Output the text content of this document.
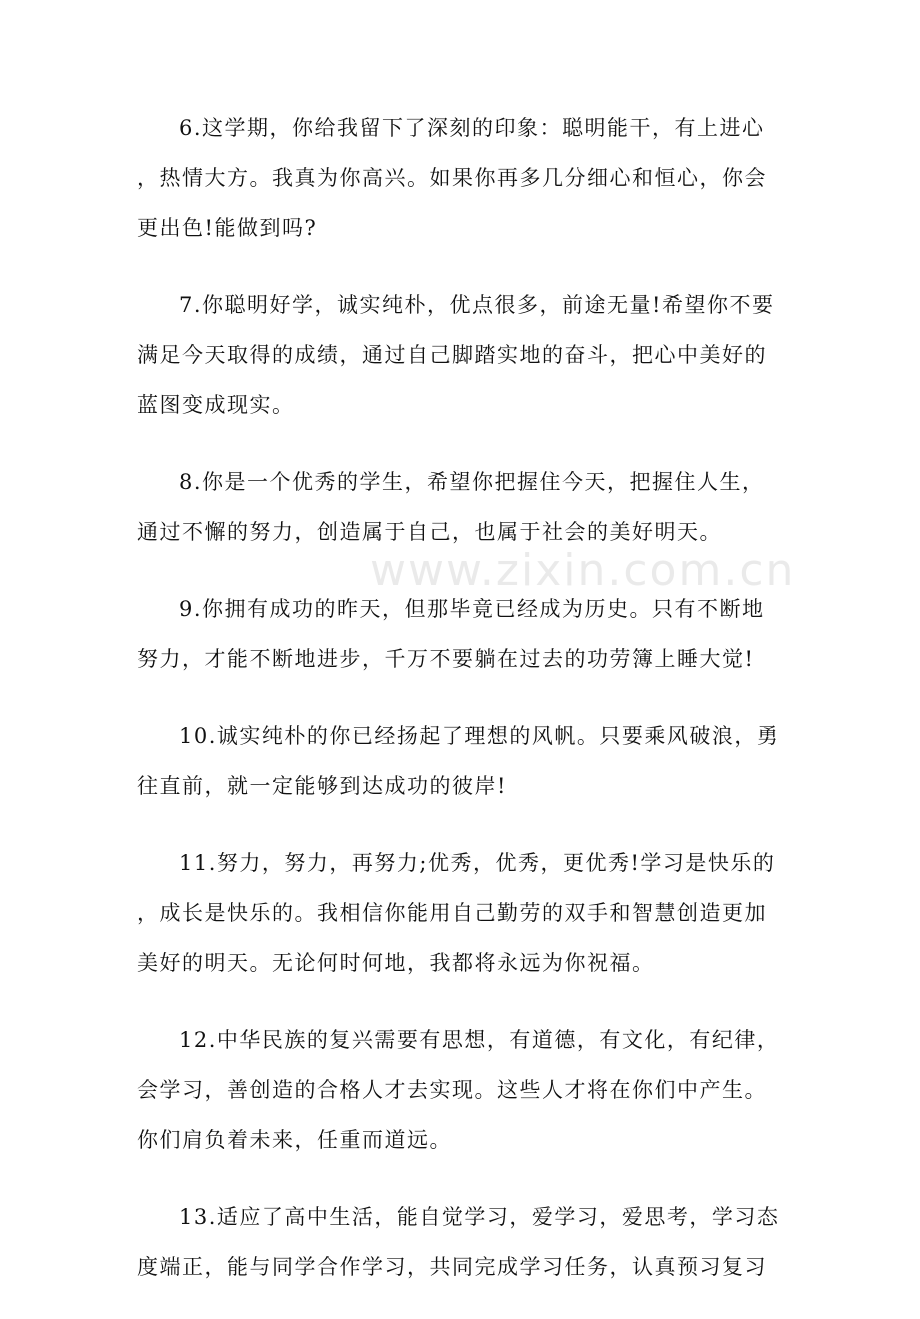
www.zixin.com.cn

6.这学期，你给我留下了深刻的印象：聪明能干，有上进心
，热情大方。我真为你高兴。如果你再多几分细心和恒心，你会
更出色!能做到吗?

7.你聪明好学，诚实纯朴，优点很多，前途无量!希望你不要
满足今天取得的成绩，通过自己脚踏实地的奋斗，把心中美好的
蓝图变成现实。

8.你是一个优秀的学生，希望你把握住今天，把握住人生，
通过不懈的努力，创造属于自己，也属于社会的美好明天。

9.你拥有成功的昨天，但那毕竟已经成为历史。只有不断地
努力，才能不断地进步，千万不要躺在过去的功劳簿上睡大觉!

10.诚实纯朴的你已经扬起了理想的风帆。只要乘风破浪，勇
往直前，就一定能够到达成功的彼岸!

11.努力，努力，再努力;优秀，优秀，更优秀!学习是快乐的
，成长是快乐的。我相信你能用自己勤劳的双手和智慧创造更加
美好的明天。无论何时何地，我都将永远为你祝福。

12.中华民族的复兴需要有思想，有道德，有文化，有纪律，
会学习，善创造的合格人才去实现。这些人才将在你们中产生。
你们肩负着未来，任重而道远。

13.适应了高中生活，能自觉学习，爱学习，爱思考，学习态
度端正，能与同学合作学习，共同完成学习任务，认真预习复习
